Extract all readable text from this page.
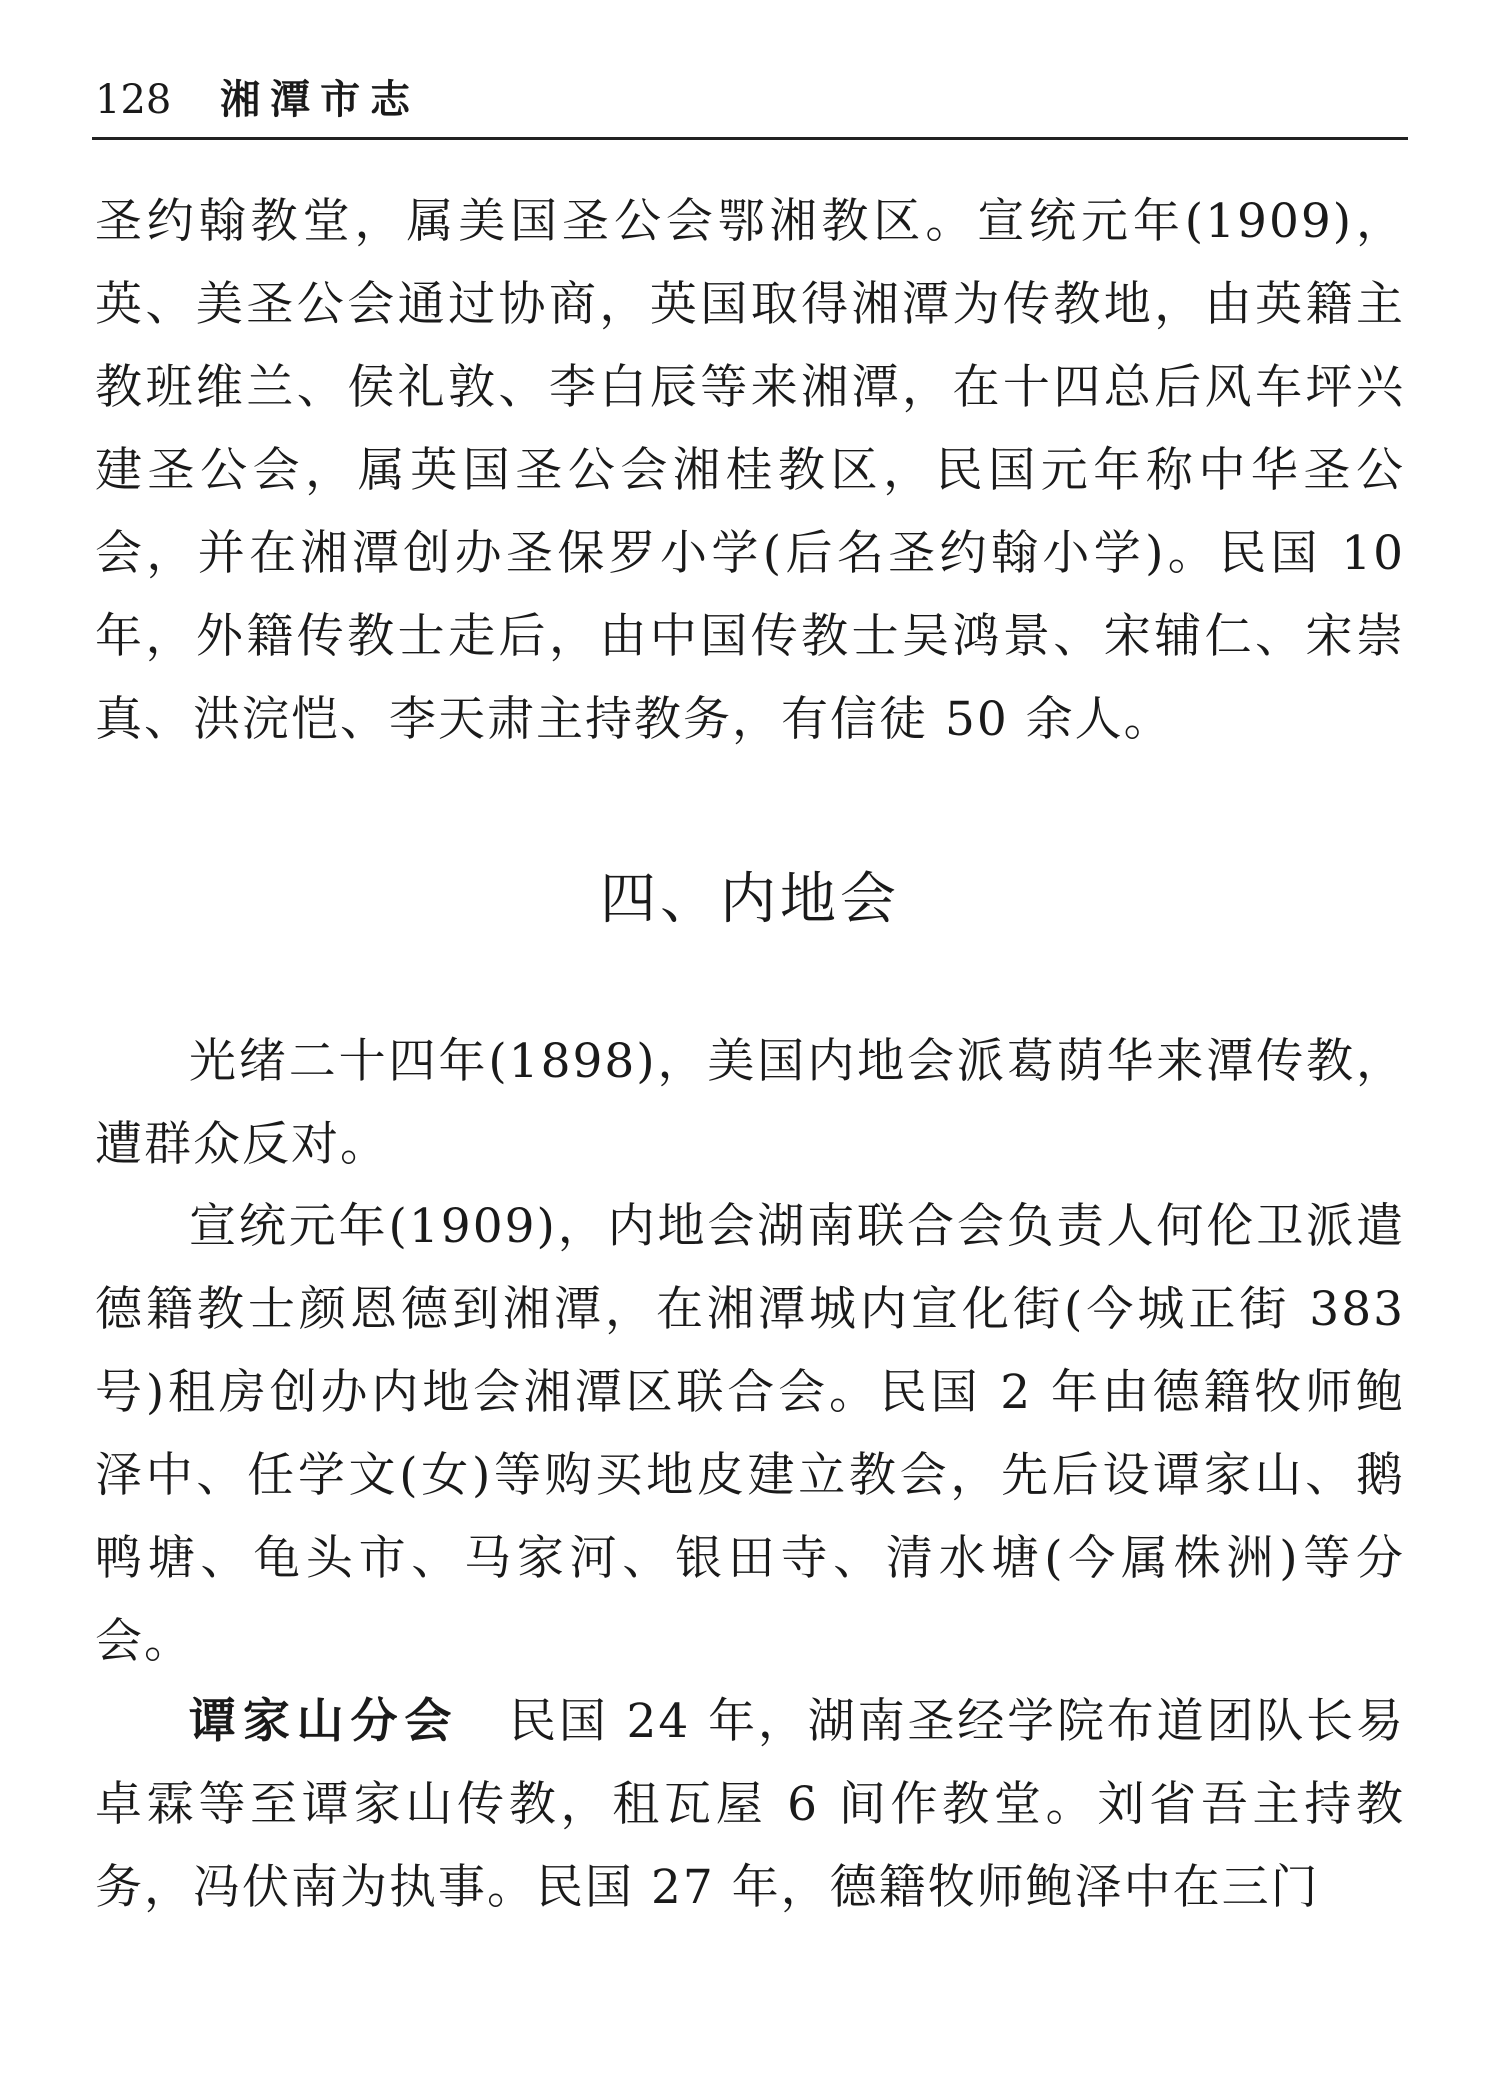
128 湘潭市志

圣约翰教堂，属美国圣公会鄂湘教区。宣统元年(1909)，英、美圣公会通过协商，英国取得湘潭为传教地，由英籍主教班维兰、侯礼敦、李白辰等来湘潭，在十四总后风车坪兴建圣公会，属英国圣公会湘桂教区，民国元年称中华圣公会，并在湘潭创办圣保罗小学(后名圣约翰小学)。民国 10 年，外籍传教士走后，由中国传教士吴鸿景、宋辅仁、宋崇真、洪浣恺、李天肃主持教务，有信徒 50 余人。

四、内地会

光绪二十四年(1898)，美国内地会派葛荫华来潭传教，遭群众反对。

宣统元年(1909)，内地会湖南联合会负责人何伦卫派遣德籍教士颜恩德到湘潭，在湘潭城内宣化街(今城正街 383 号)租房创办内地会湘潭区联合会。民国 2 年由德籍牧师鲍泽中、任学文(女)等购买地皮建立教会，先后设谭家山、鹅鸭塘、龟头市、马家河、银田寺、清水塘(今属株洲)等分会。

谭家山分会 民国 24 年，湖南圣经学院布道团队长易卓霖等至谭家山传教，租瓦屋 6 间作教堂。刘省吾主持教务，冯伏南为执事。民国 27 年，德籍牧师鲍泽中在三门
